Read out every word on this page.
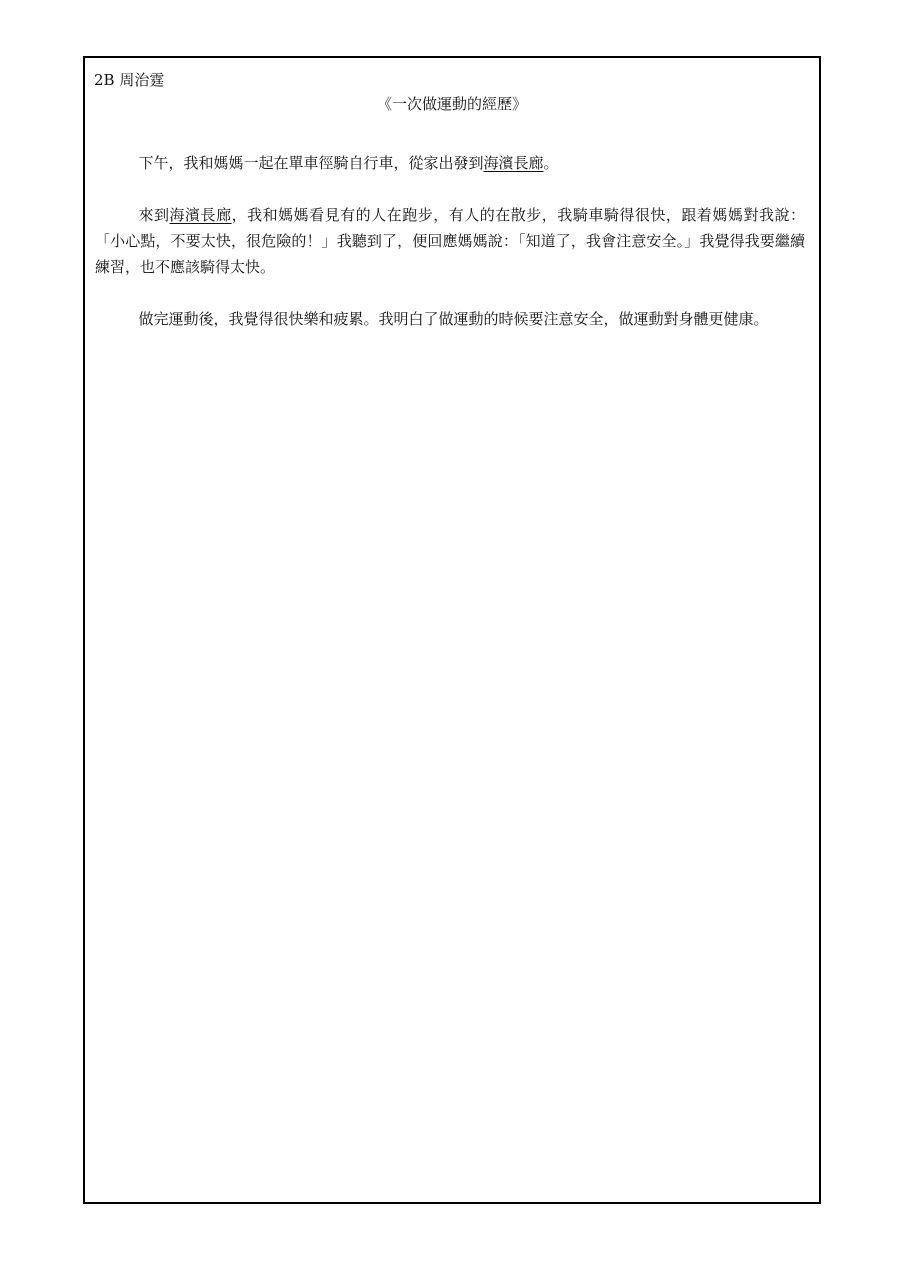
2B 周治霆
《一次做運動的經歷》

下午，我和媽媽一起在單車徑騎自行車，從家出發到海濱長廊。

來到海濱長廊，我和媽媽看見有的人在跑步，有人的在散步，我騎車騎得很快，跟着媽媽對我說：「小心點，不要太快，很危險的！」我聽到了，便回應媽媽說：「知道了，我會注意安全。」我覺得我要繼續練習，也不應該騎得太快。

做完運動後，我覺得很快樂和疲累。我明白了做運動的時候要注意安全，做運動對身體更健康。
